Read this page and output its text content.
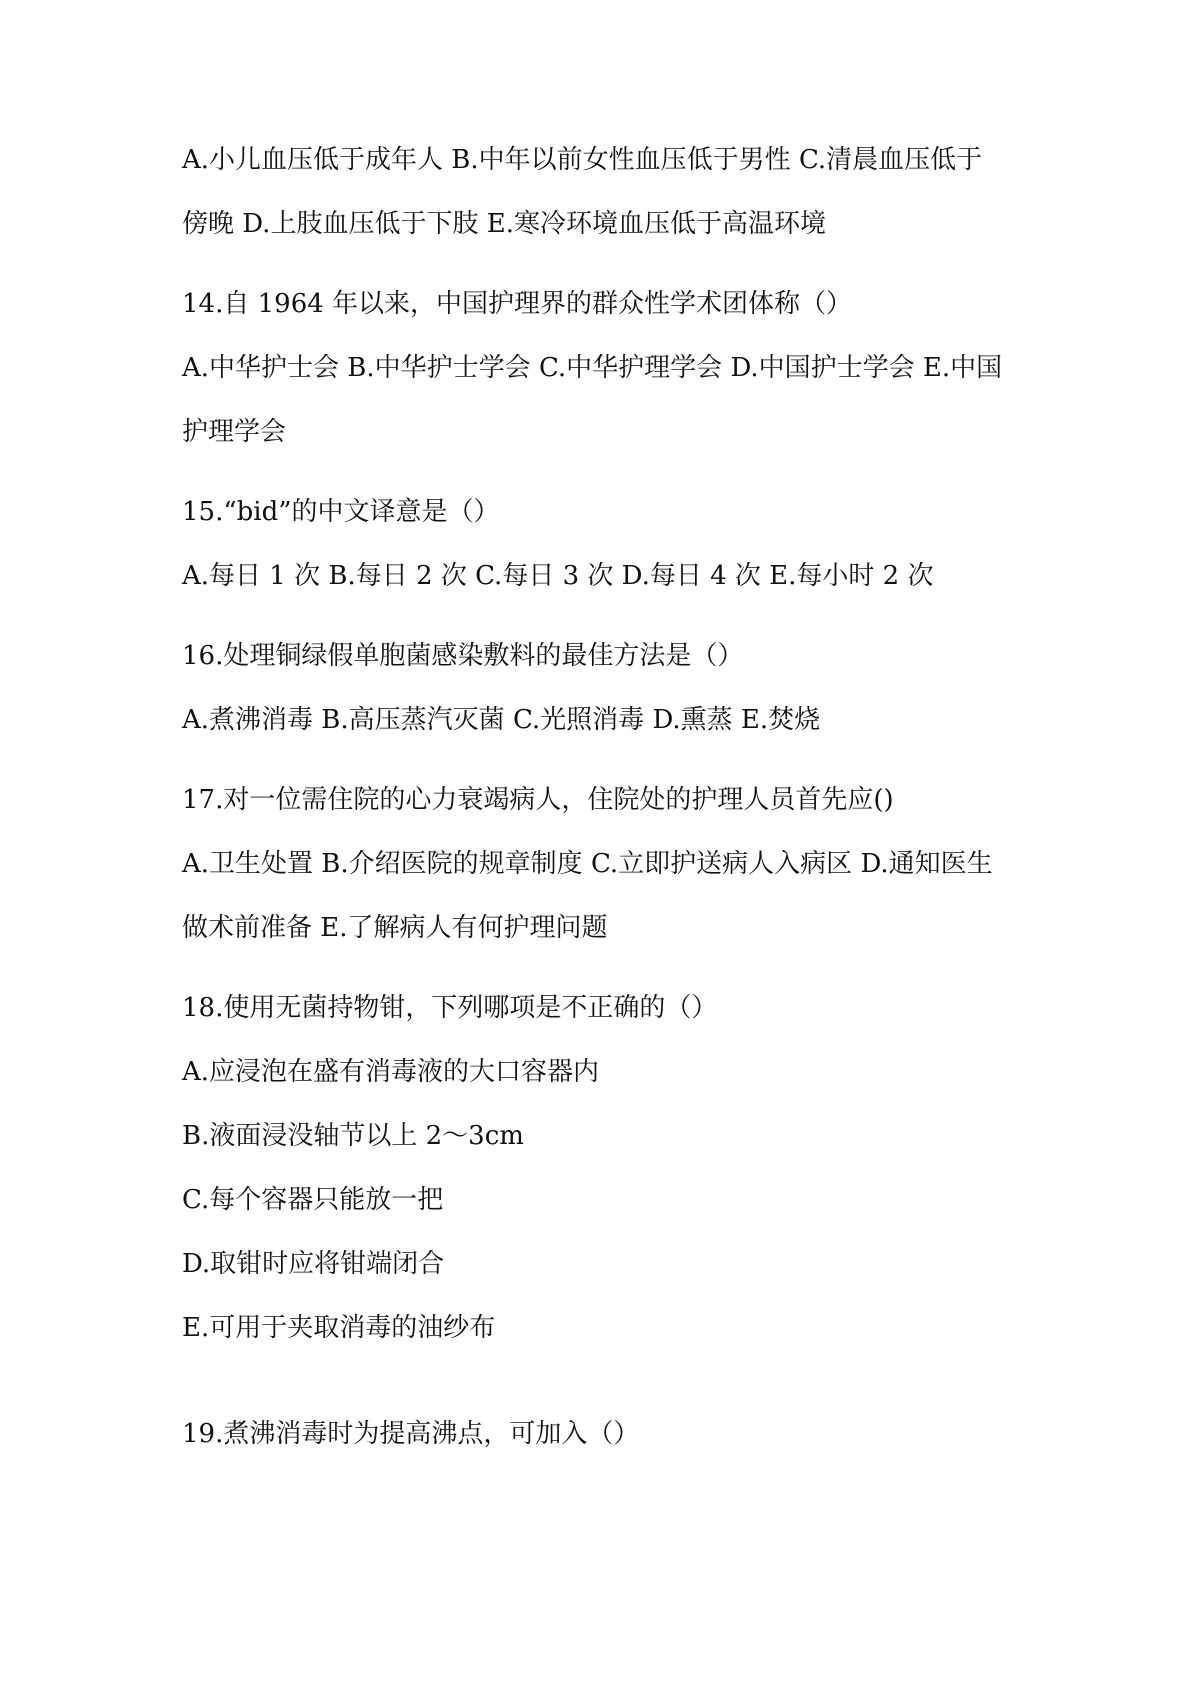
A.小儿血压低于成年人 B.中年以前女性血压低于男性 C.清晨血压低于
傍晚 D.上肢血压低于下肢 E.寒冷环境血压低于高温环境
14.自 1964 年以来，中国护理界的群众性学术团体称（）
A.中华护士会 B.中华护士学会 C.中华护理学会 D.中国护士学会 E.中国
护理学会
15.“bid”的中文译意是（）
A.每日 1 次 B.每日 2 次 C.每日 3 次 D.每日 4 次 E.每小时 2 次
16.处理铜绿假单胞菌感染敷料的最佳方法是（）
A.煮沸消毒 B.高压蒸汽灭菌 C.光照消毒 D.熏蒸 E.焚烧
17.对一位需住院的心力衰竭病人，住院处的护理人员首先应()
A.卫生处置 B.介绍医院的规章制度 C.立即护送病人入病区 D.通知医生
做术前准备 E.了解病人有何护理问题
18.使用无菌持物钳，下列哪项是不正确的（）
A.应浸泡在盛有消毒液的大口容器内
B.液面浸没轴节以上 2～3cm
C.每个容器只能放一把
D.取钳时应将钳端闭合
E.可用于夹取消毒的油纱布
19.煮沸消毒时为提高沸点，可加入（）
